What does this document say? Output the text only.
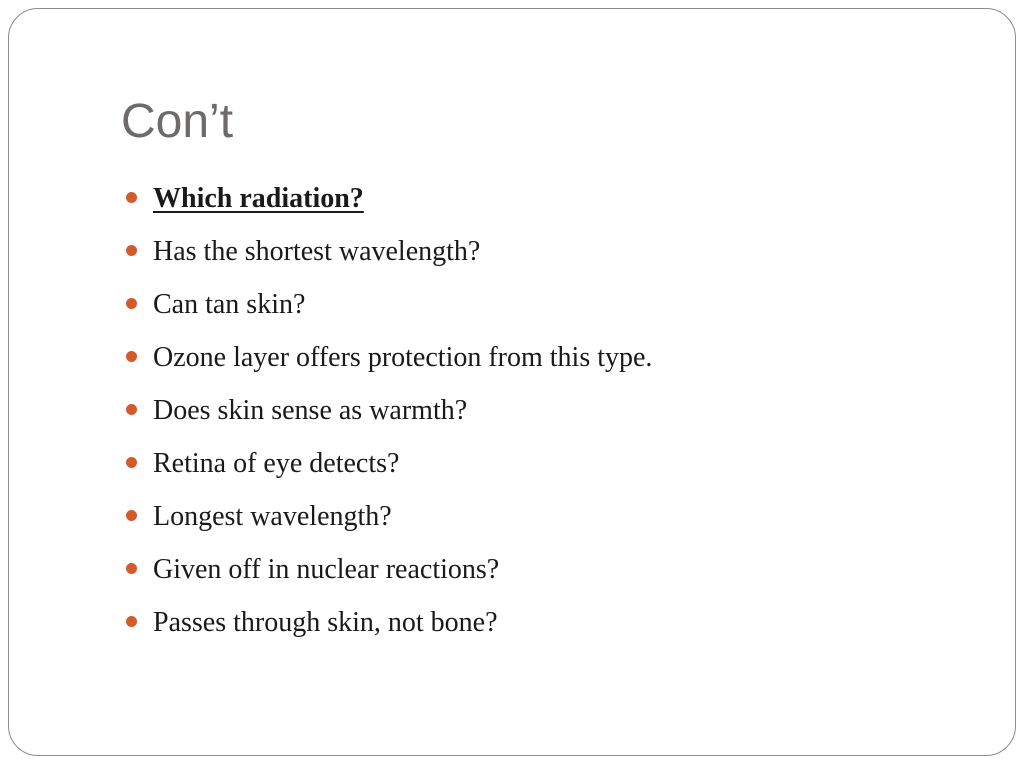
Con’t
Which radiation?
Has the shortest wavelength?
Can tan skin?
Ozone layer offers protection from this type.
Does skin sense as warmth?
Retina of eye detects?
Longest wavelength?
Given off in nuclear reactions?
Passes through skin, not bone?
